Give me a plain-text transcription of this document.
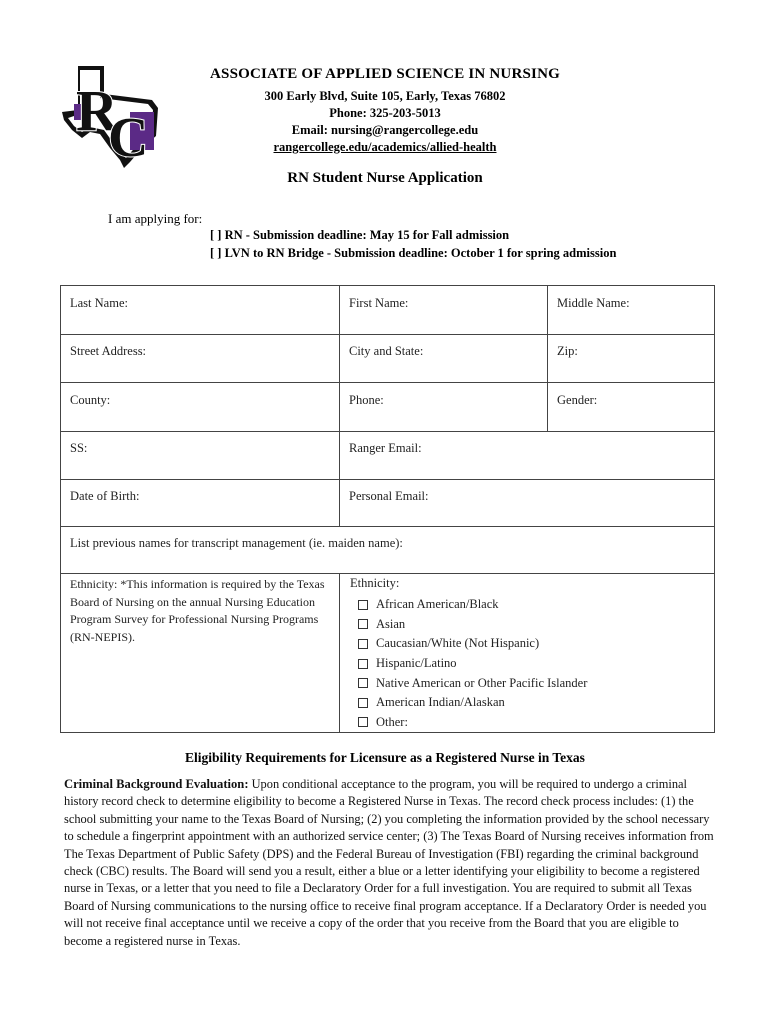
R
C
ASSOCIATE OF APPLIED SCIENCE IN NURSING
300 Early Blvd, Suite 105, Early, Texas 76802
Phone: 325-203-5013
Email: nursing@rangercollege.edu
rangercollege.edu/academics/allied-health
RN Student Nurse Application
I am applying for:
[ ] RN - Submission deadline: May 15 for Fall admission
[ ] LVN to RN Bridge - Submission deadline: October 1 for spring admission
Last Name:	First Name:	Middle Name:
Street Address:	City and State:	Zip:
County:	Phone:	Gender:
SS:	Ranger Email:
Date of Birth:	Personal Email:
List previous names for transcript management (ie. maiden name):
Ethnicity: *This information is required by the Texas Board of Nursing on the annual Nursing Education Program Survey for Professional Nursing Programs (RN-NEPIS).
Ethnicity:
African American/Black
Asian
Caucasian/White (Not Hispanic)
Hispanic/Latino
Native American or Other Pacific Islander
American Indian/Alaskan
Other:
Eligibility Requirements for Licensure as a Registered Nurse in Texas
Criminal Background Evaluation: Upon conditional acceptance to the program, you will be required to undergo a criminal history record check to determine eligibility to become a Registered Nurse in Texas. The record check process includes: (1) the school submitting your name to the Texas Board of Nursing; (2) you completing the information provided by the school necessary to schedule a fingerprint appointment with an authorized service center; (3) The Texas Board of Nursing receives information from The Texas Department of Public Safety (DPS) and the Federal Bureau of Investigation (FBI) regarding the criminal background check (CBC) results. The Board will send you a result, either a blue or a letter identifying your eligibility to become a registered nurse in Texas, or a letter that you need to file a Declaratory Order for a full investigation. You are required to submit all Texas Board of Nursing communications to the nursing office to receive final program acceptance. If a Declaratory Order is needed you will not receive final acceptance until we receive a copy of the order that you receive from the Board that you are eligible to become a registered nurse in Texas.
